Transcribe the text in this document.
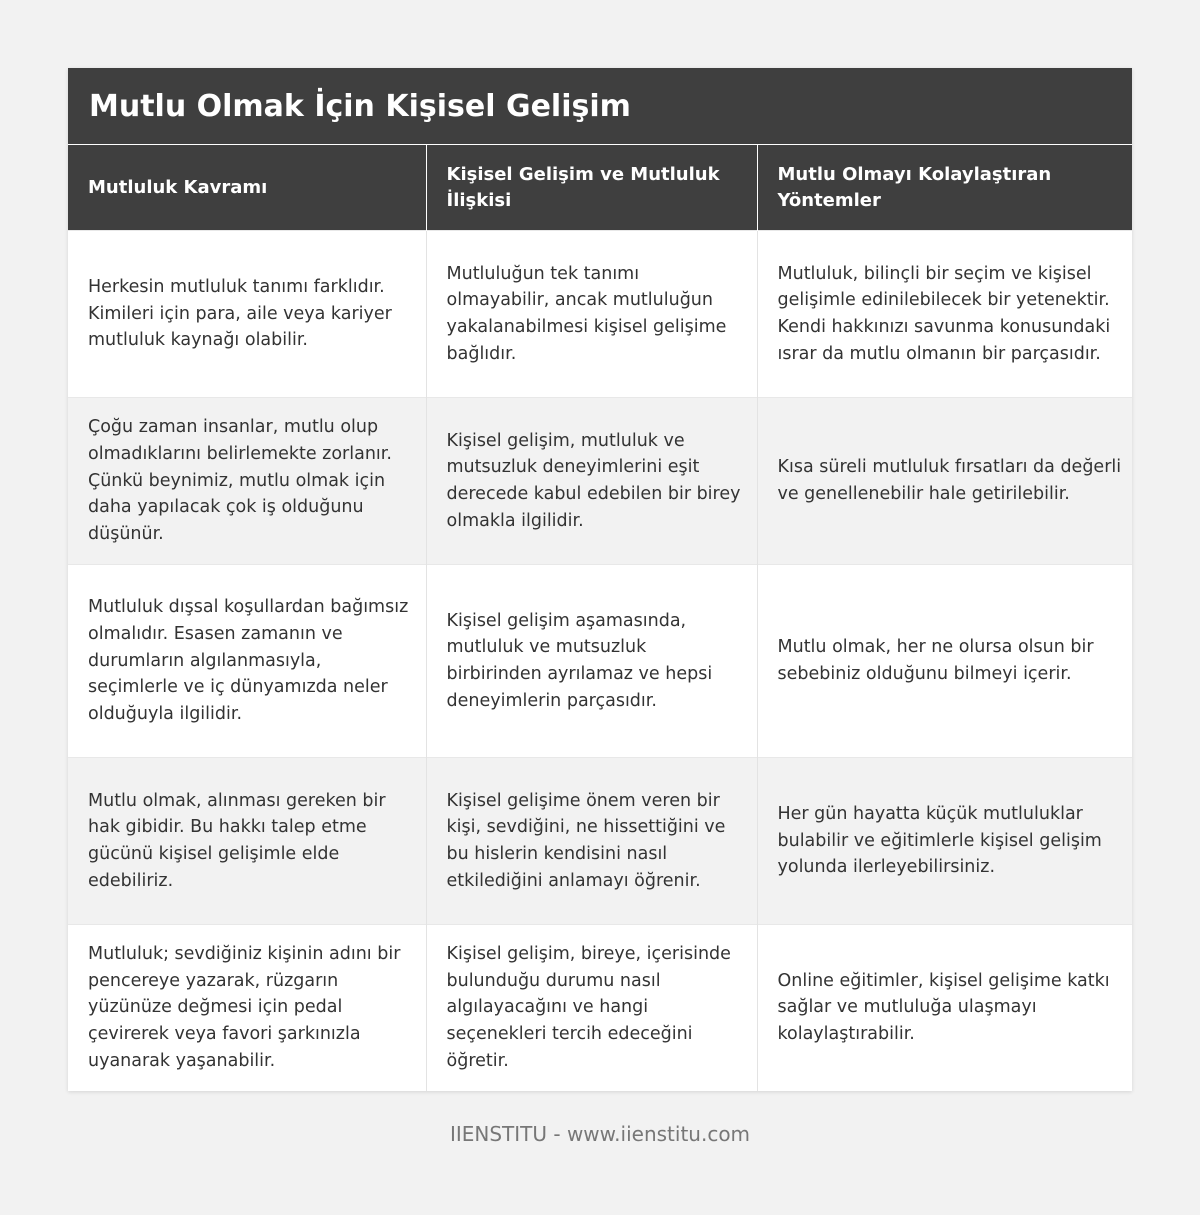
Mutlu Olmak İçin Kişisel Gelişim
Mutluluk Kavramı	Kişisel Gelişim ve Mutluluk İlişkisi	Mutlu Olmayı Kolaylaştıran Yöntemler
Herkesin mutluluk tanımı farklıdır. Kimileri için para, aile veya kariyer mutluluk kaynağı olabilir.	Mutluluğun tek tanımı olmayabilir, ancak mutluluğun yakalanabilmesi kişisel gelişime bağlıdır.	Mutluluk, bilinçli bir seçim ve kişisel gelişimle edinilebilecek bir yetenektir. Kendi hakkınızı savunma konusundaki ısrar da mutlu olmanın bir parçasıdır.
Çoğu zaman insanlar, mutlu olup olmadıklarını belirlemekte zorlanır. Çünkü beynimiz, mutlu olmak için daha yapılacak çok iş olduğunu düşünür.	Kişisel gelişim, mutluluk ve mutsuzluk deneyimlerini eşit derecede kabul edebilen bir birey olmakla ilgilidir.	Kısa süreli mutluluk fırsatları da değerli ve genellenebilir hale getirilebilir.
Mutluluk dışsal koşullardan bağımsız olmalıdır. Esasen zamanın ve durumların algılanmasıyla, seçimlerle ve iç dünyamızda neler olduğuyla ilgilidir.	Kişisel gelişim aşamasında, mutluluk ve mutsuzluk birbirinden ayrılamaz ve hepsi deneyimlerin parçasıdır.	Mutlu olmak, her ne olursa olsun bir sebebiniz olduğunu bilmeyi içerir.
Mutlu olmak, alınması gereken bir hak gibidir. Bu hakkı talep etme gücünü kişisel gelişimle elde edebiliriz.	Kişisel gelişime önem veren bir kişi, sevdiğini, ne hissettiğini ve bu hislerin kendisini nasıl etkilediğini anlamayı öğrenir.	Her gün hayatta küçük mutluluklar bulabilir ve eğitimlerle kişisel gelişim yolunda ilerleyebilirsiniz.
Mutluluk; sevdiğiniz kişinin adını bir pencereye yazarak, rüzgarın yüzünüze değmesi için pedal çevirerek veya favori şarkınızla uyanarak yaşanabilir.	Kişisel gelişim, bireye, içerisinde bulunduğu durumu nasıl algılayacağını ve hangi seçenekleri tercih edeceğini öğretir.	Online eğitimler, kişisel gelişime katkı sağlar ve mutluluğa ulaşmayı kolaylaştırabilir.
IIENSTITU - www.iienstitu.com
